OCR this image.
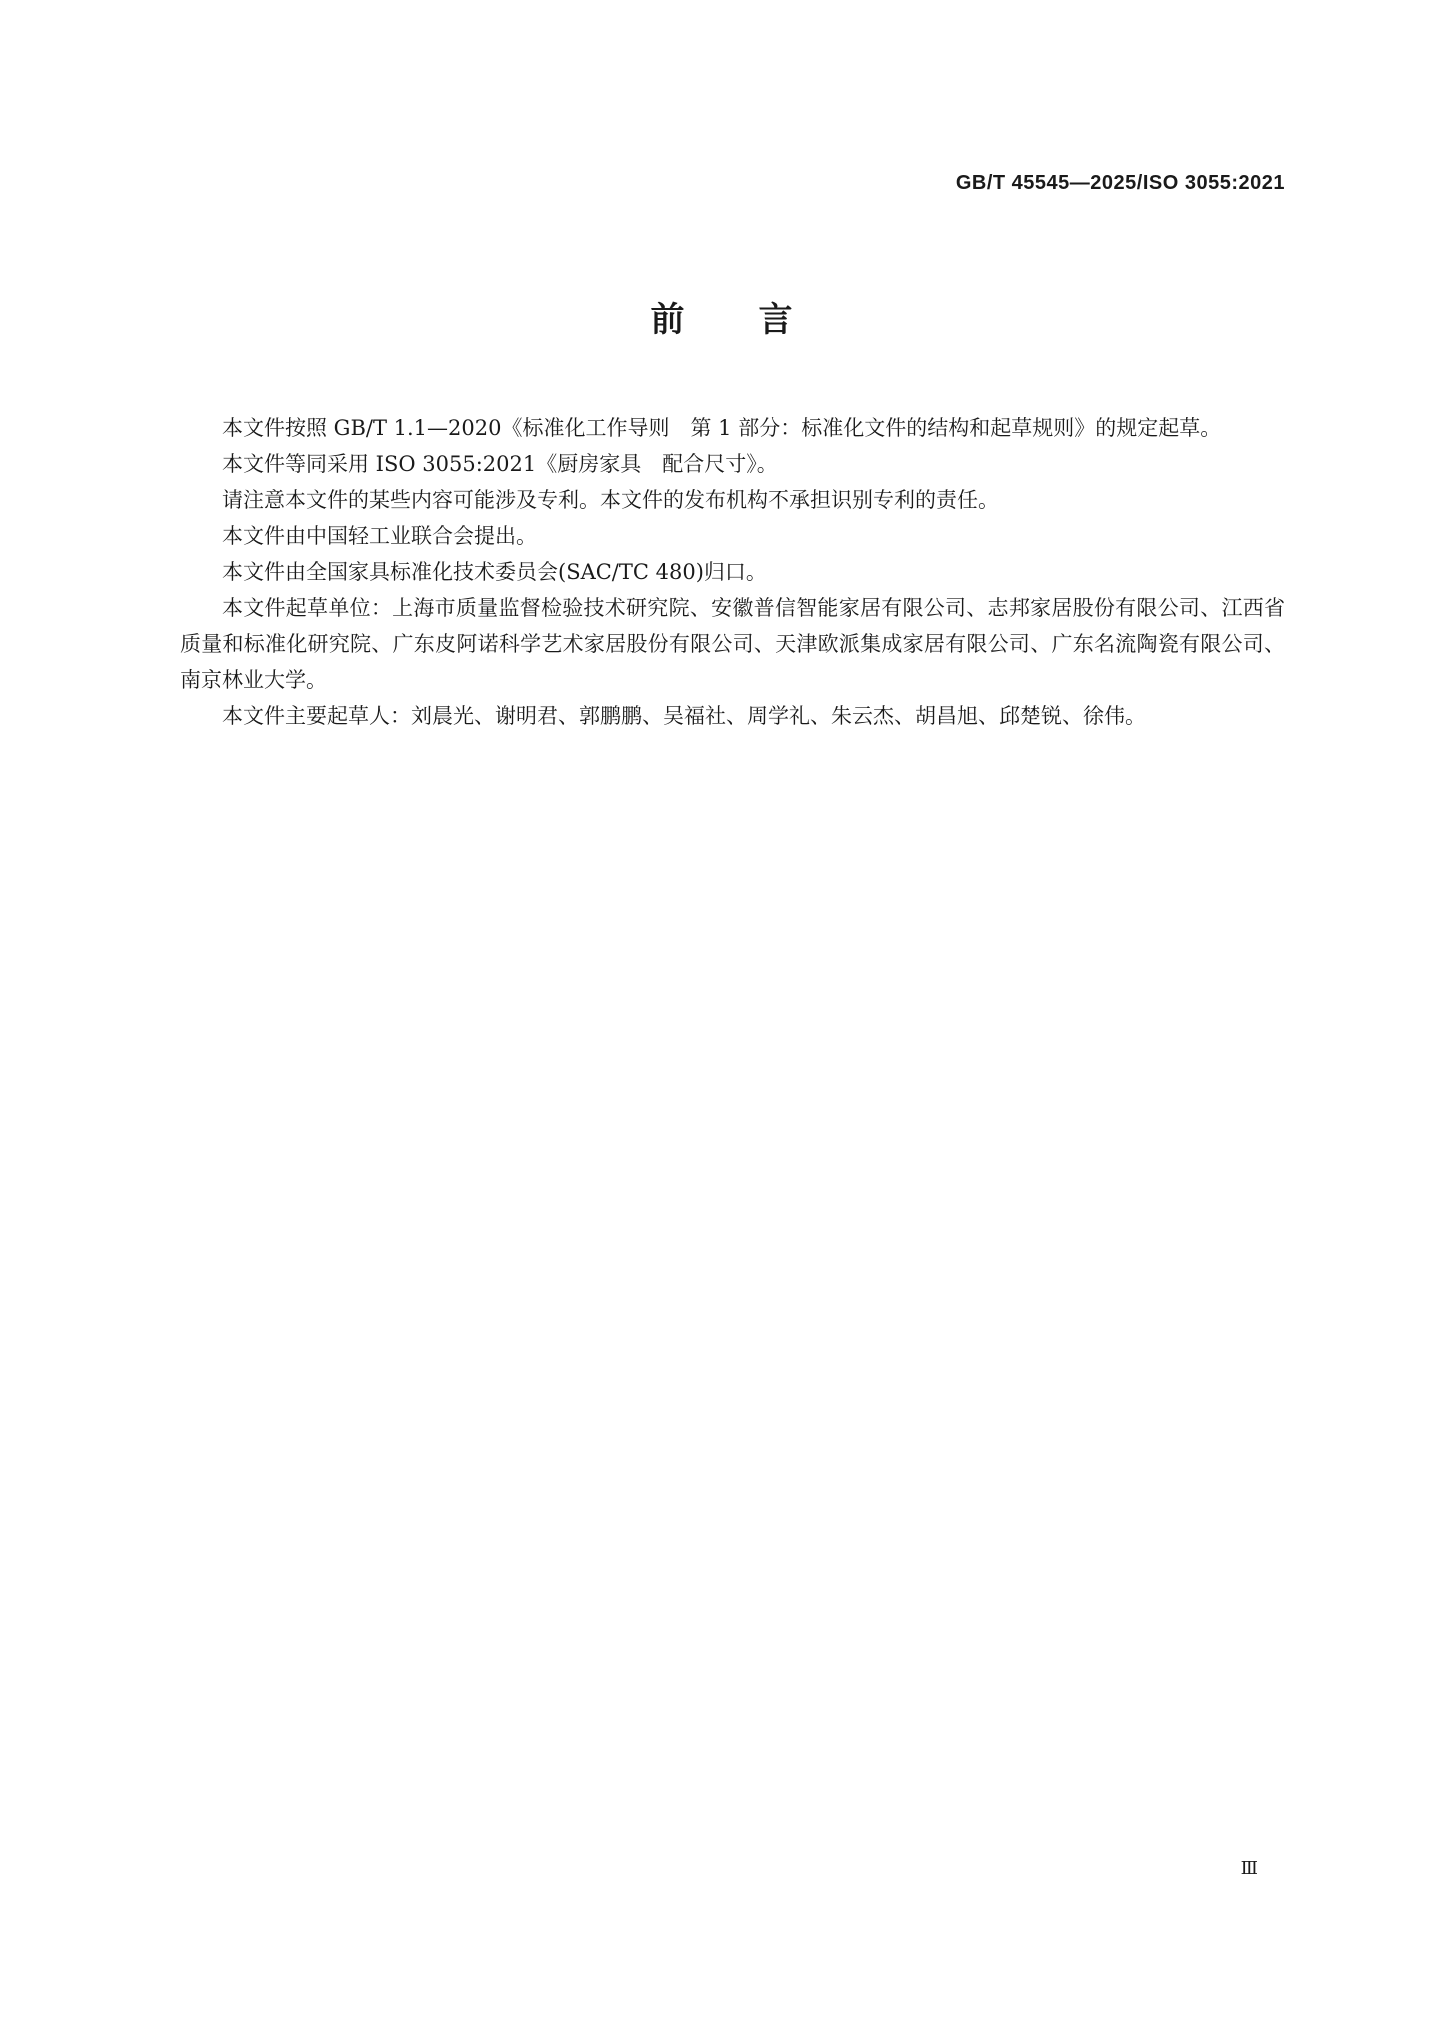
GB/T 45545—2025/ISO 3055:2021
前 言

本文件按照 GB/T 1.1—2020《标准化工作导则　第 1 部分：标准化文件的结构和起草规则》的规定起草。

本文件等同采用 ISO 3055:2021《厨房家具　配合尺寸》。

请注意本文件的某些内容可能涉及专利。本文件的发布机构不承担识别专利的责任。

本文件由中国轻工业联合会提出。

本文件由全国家具标准化技术委员会(SAC/TC 480)归口。

本文件起草单位：上海市质量监督检验技术研究院、安徽普信智能家居有限公司、志邦家居股份有限公司、江西省质量和标准化研究院、广东皮阿诺科学艺术家居股份有限公司、天津欧派集成家居有限公司、广东名流陶瓷有限公司、南京林业大学。

本文件主要起草人：刘晨光、谢明君、郭鹏鹏、吴福社、周学礼、朱云杰、胡昌旭、邱楚锐、徐伟。

Ⅲ
